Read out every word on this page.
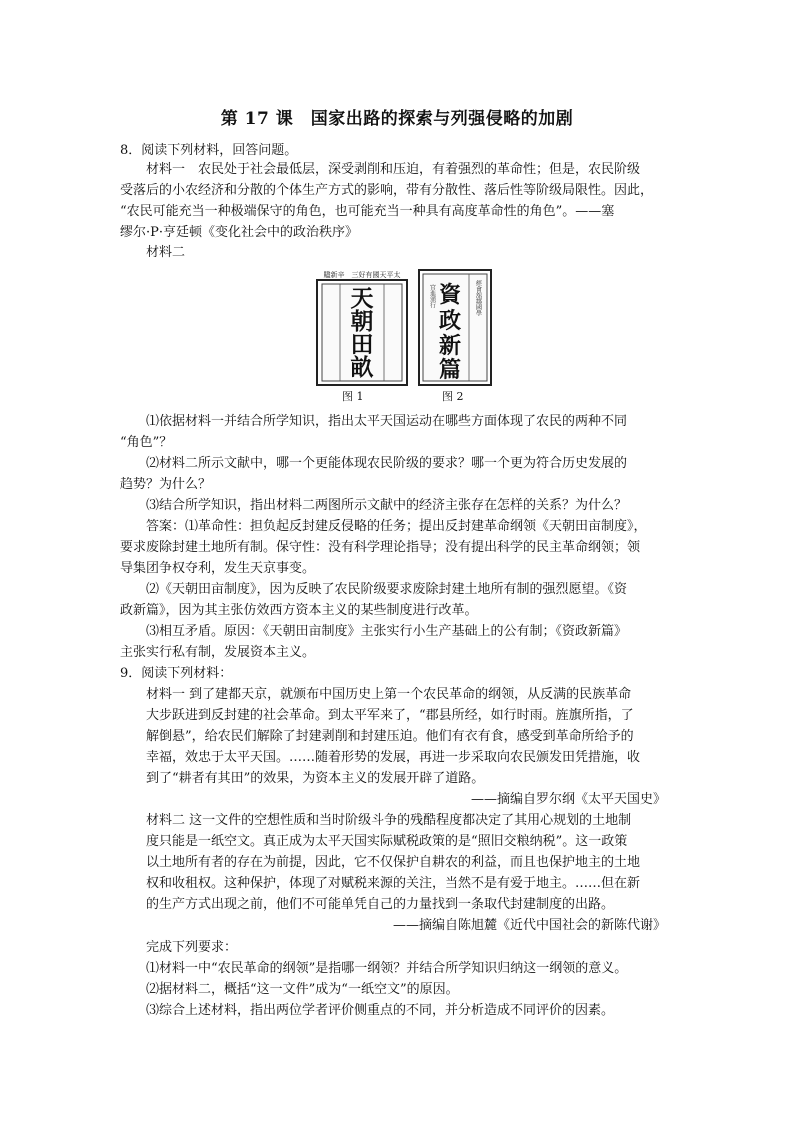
第 17 课　国家出路的探索与列强侵略的加剧
8．阅读下列材料，回答问题。
材料一　农民处于社会最低层，深受剥削和压迫，有着强烈的革命性；但是，农民阶级
受落后的小农经济和分散的个体生产方式的影响，带有分散性、落后性等阶级局限性。因此，
“农民可能充当一种极端保守的角色，也可能充当一种具有高度革命性的角色”。——塞
缪尔·P·亨廷顿《变化社会中的政治秩序》
材料二
贐新辛　三好有國天平太
天
朝
田
畝
图 1
經會舘鄒國學
官進頒行 資
政
新
篇
图 2
⑴依据材料一并结合所学知识，指出太平天国运动在哪些方面体现了农民的两种不同
“角色”？
⑵材料二所示文献中，哪一个更能体现农民阶级的要求？哪一个更为符合历史发展的
趋势？为什么？
⑶结合所学知识，指出材料二两图所示文献中的经济主张存在怎样的关系？为什么？
答案：⑴革命性：担负起反封建反侵略的任务；提出反封建革命纲领《天朝田亩制度》，
要求废除封建土地所有制。保守性：没有科学理论指导；没有提出科学的民主革命纲领；领
导集团争权夺利，发生天京事变。
⑵《天朝田亩制度》，因为反映了农民阶级要求废除封建土地所有制的强烈愿望。《资
政新篇》，因为其主张仿效西方资本主义的某些制度进行改革。
⑶相互矛盾。原因：《天朝田亩制度》主张实行小生产基础上的公有制；《资政新篇》
主张实行私有制，发展资本主义。
9．阅读下列材料：
材料一 到了建都天京，就颁布中国历史上第一个农民革命的纲领，从反满的民族革命
大步跃进到反封建的社会革命。到太平军来了，“郡县所经，如行时雨。旌旗所指，了
解倒悬”，给农民们解除了封建剥削和封建压迫。他们有衣有食，感受到革命所给予的
幸福，效忠于太平天国。……随着形势的发展，再进一步采取向农民颁发田凭措施，收
到了“耕者有其田”的效果，为资本主义的发展开辟了道路。
——摘编自罗尔纲《太平天国史》
材料二 这一文件的空想性质和当时阶级斗争的残酷程度都决定了其用心规划的土地制
度只能是一纸空文。真正成为太平天国实际赋税政策的是“照旧交粮纳税”。这一政策
以土地所有者的存在为前提，因此，它不仅保护自耕农的利益，而且也保护地主的土地
权和收租权。这种保护，体现了对赋税来源的关注，当然不是有爱于地主。……但在新
的生产方式出现之前，他们不可能单凭自己的力量找到一条取代封建制度的出路。
——摘编自陈旭麓《近代中国社会的新陈代谢》
完成下列要求：
⑴材料一中“农民革命的纲领”是指哪一纲领？并结合所学知识归纳这一纲领的意义。
⑵据材料二，概括“这一文件”成为“一纸空文”的原因。
⑶综合上述材料，指出两位学者评价侧重点的不同，并分析造成不同评价的因素。
